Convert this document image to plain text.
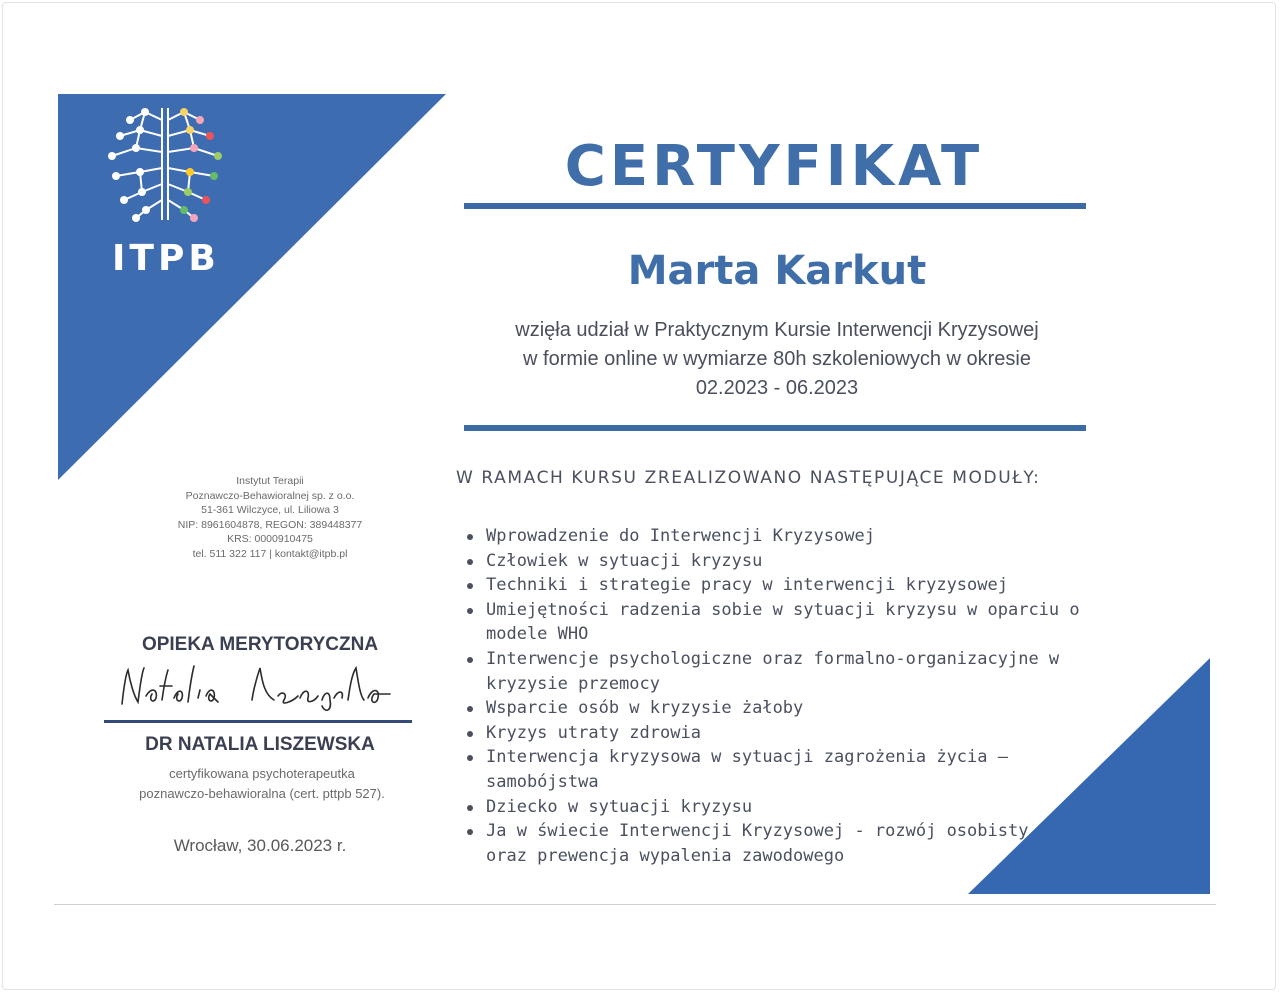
ITPB
Instytut Terapii
Poznawczo-Behawioralnej sp. z o.o.
51-361 Wilczyce, ul. Liliowa 3
NIP: 8961604878, REGON: 389448377
KRS: 0000910475
tel. 511 322 117 | kontakt@itpb.pl
OPIEKA MERYTORYCZNA
DR NATALIA LISZEWSKA
certyfikowana psychoterapeutka
poznawczo-behawioralna (cert. pttpb 527).
Wrocław, 30.06.2023 r.
CERTYFIKAT
Marta Karkut
wzięła udział w Praktycznym Kursie Interwencji Kryzysowej
w formie online w wymiarze 80h szkoleniowych w okresie
02.2023 - 06.2023
W RAMACH KURSU ZREALIZOWANO NASTĘPUJĄCE MODUŁY:
Wprowadzenie do Interwencji Kryzysowej
Człowiek w sytuacji kryzysu
Techniki i strategie pracy w interwencji kryzysowej
Umiejętności radzenia sobie w sytuacji kryzysu w oparciu o
modele WHO
Interwencje psychologiczne oraz formalno-organizacyjne w
kryzysie przemocy
Wsparcie osób w kryzysie żałoby
Kryzys utraty zdrowia
Interwencja kryzysowa w sytuacji zagrożenia życia –
samobójstwa
Dziecko w sytuacji kryzysu
Ja w świecie Interwencji Kryzysowej - rozwój osobisty
oraz prewencja wypalenia zawodowego
